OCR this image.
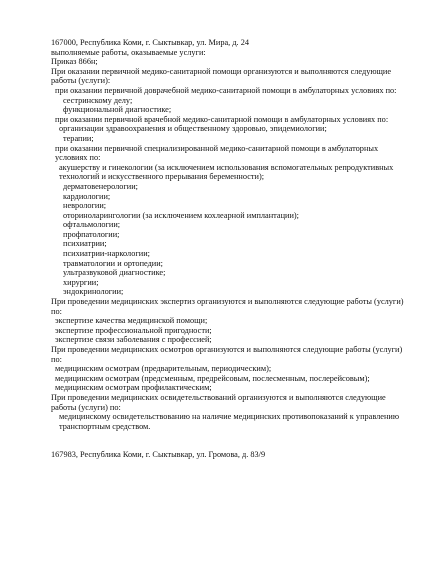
167000, Республика Коми, г. Сыктывкар, ул. Мира, д. 24
выполняемые работы, оказываемые услуги:
Приказ 866н;
При оказании первичной медико-санитарной помощи организуются и выполняются следующие работы (услуги):
при оказании первичной доврачебной медико-санитарной помощи в амбулаторных условиях по:
сестринскому делу;
функциональной диагностике;
при оказании первичной врачебной медико-санитарной помощи в амбулаторных условиях по:
организации здравоохранения и общественному здоровью, эпидемиологии;
терапии;
при оказании первичной специализированной медико-санитарной помощи в амбулаторных условиях по:
акушерству и гинекологии (за исключением использования вспомогательных репродуктивных технологий и искусственного прерывания беременности);
дерматовенерологии;
кардиологии;
неврологии;
оториноларингологии (за исключением кохлеарной имплантации);
офтальмологии;
профпатологии;
психиатрии;
психиатрии-наркологии;
травматологии и ортопедии;
ультразвуковой диагностике;
хирургии;
эндокринологии;
При проведении медицинских экспертиз организуются и выполняются следующие работы (услуги) по:
экспертизе качества медицинской помощи;
экспертизе профессиональной пригодности;
экспертизе связи заболевания с профессией;
При проведении медицинских осмотров организуются и выполняются следующие работы (услуги) по:
медицинским осмотрам (предварительным, периодическим);
медицинским осмотрам (предсменным, предрейсовым, послесменным, послерейсовым);
медицинским осмотрам профилактическим;
При проведении медицинских освидетельствований организуются и выполняются следующие работы (услуги) по:
медицинскому освидетельствованию на наличие медицинских противопоказаний к управлению транспортным средством.
167983, Республика Коми, г. Сыктывкар, ул. Громова, д. 83/9
